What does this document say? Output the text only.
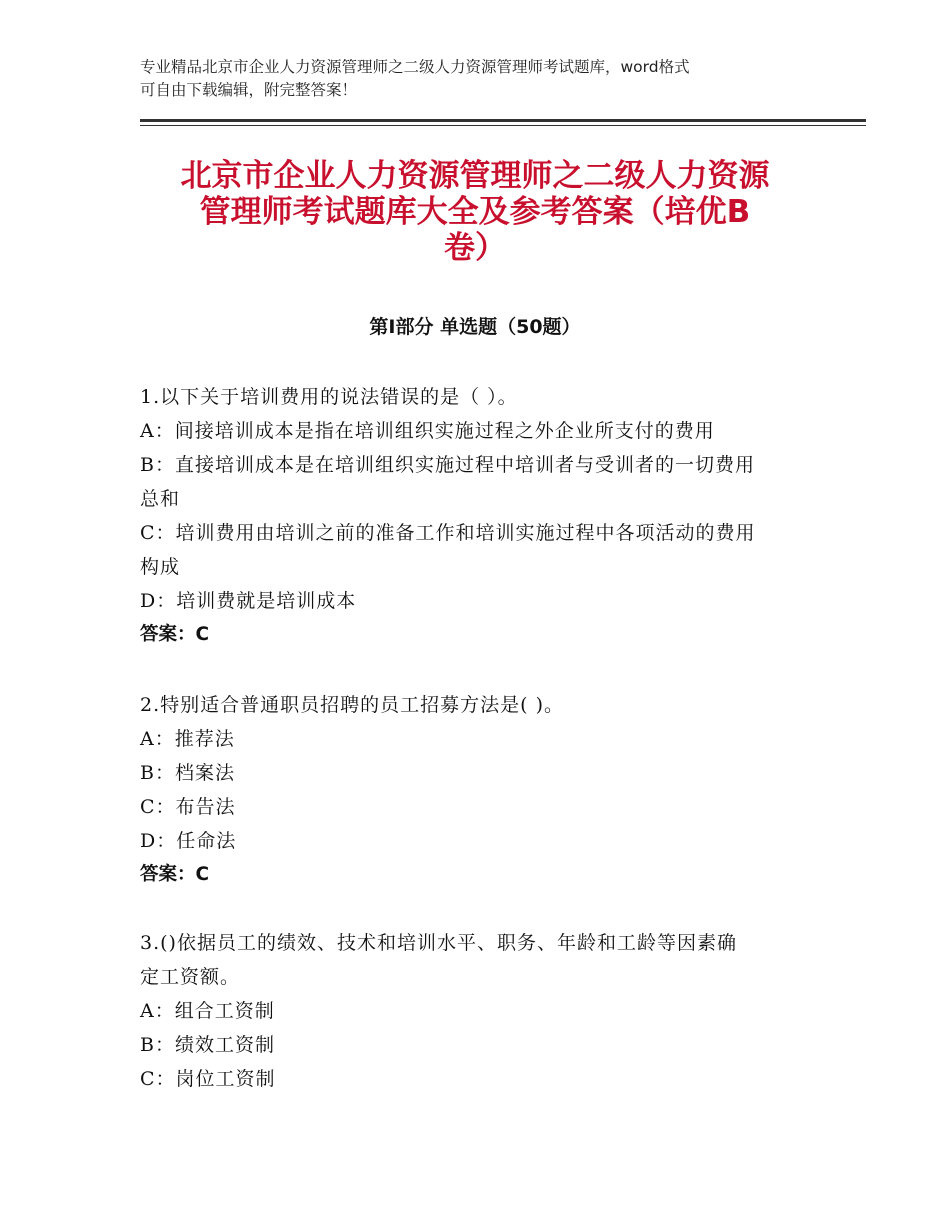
专业精品北京市企业人力资源管理师之二级人力资源管理师考试题库，word格式
可自由下载编辑，附完整答案！
北京市企业人力资源管理师之二级人力资源
管理师考试题库大全及参考答案（培优B
卷）
第Ⅰ部分 单选题（50题）
1.以下关于培训费用的说法错误的是（ ）。
A：间接培训成本是指在培训组织实施过程之外企业所支付的费用
B：直接培训成本是在培训组织实施过程中培训者与受训者的一切费用
总和
C：培训费用由培训之前的准备工作和培训实施过程中各项活动的费用
构成
D：培训费就是培训成本
答案：C
2.特别适合普通职员招聘的员工招募方法是( )。
A：推荐法
B：档案法
C：布告法
D：任命法
答案：C
3.()依据员工的绩效、技术和培训水平、职务、年龄和工龄等因素确
定工资额。
A：组合工资制
B：绩效工资制
C：岗位工资制
